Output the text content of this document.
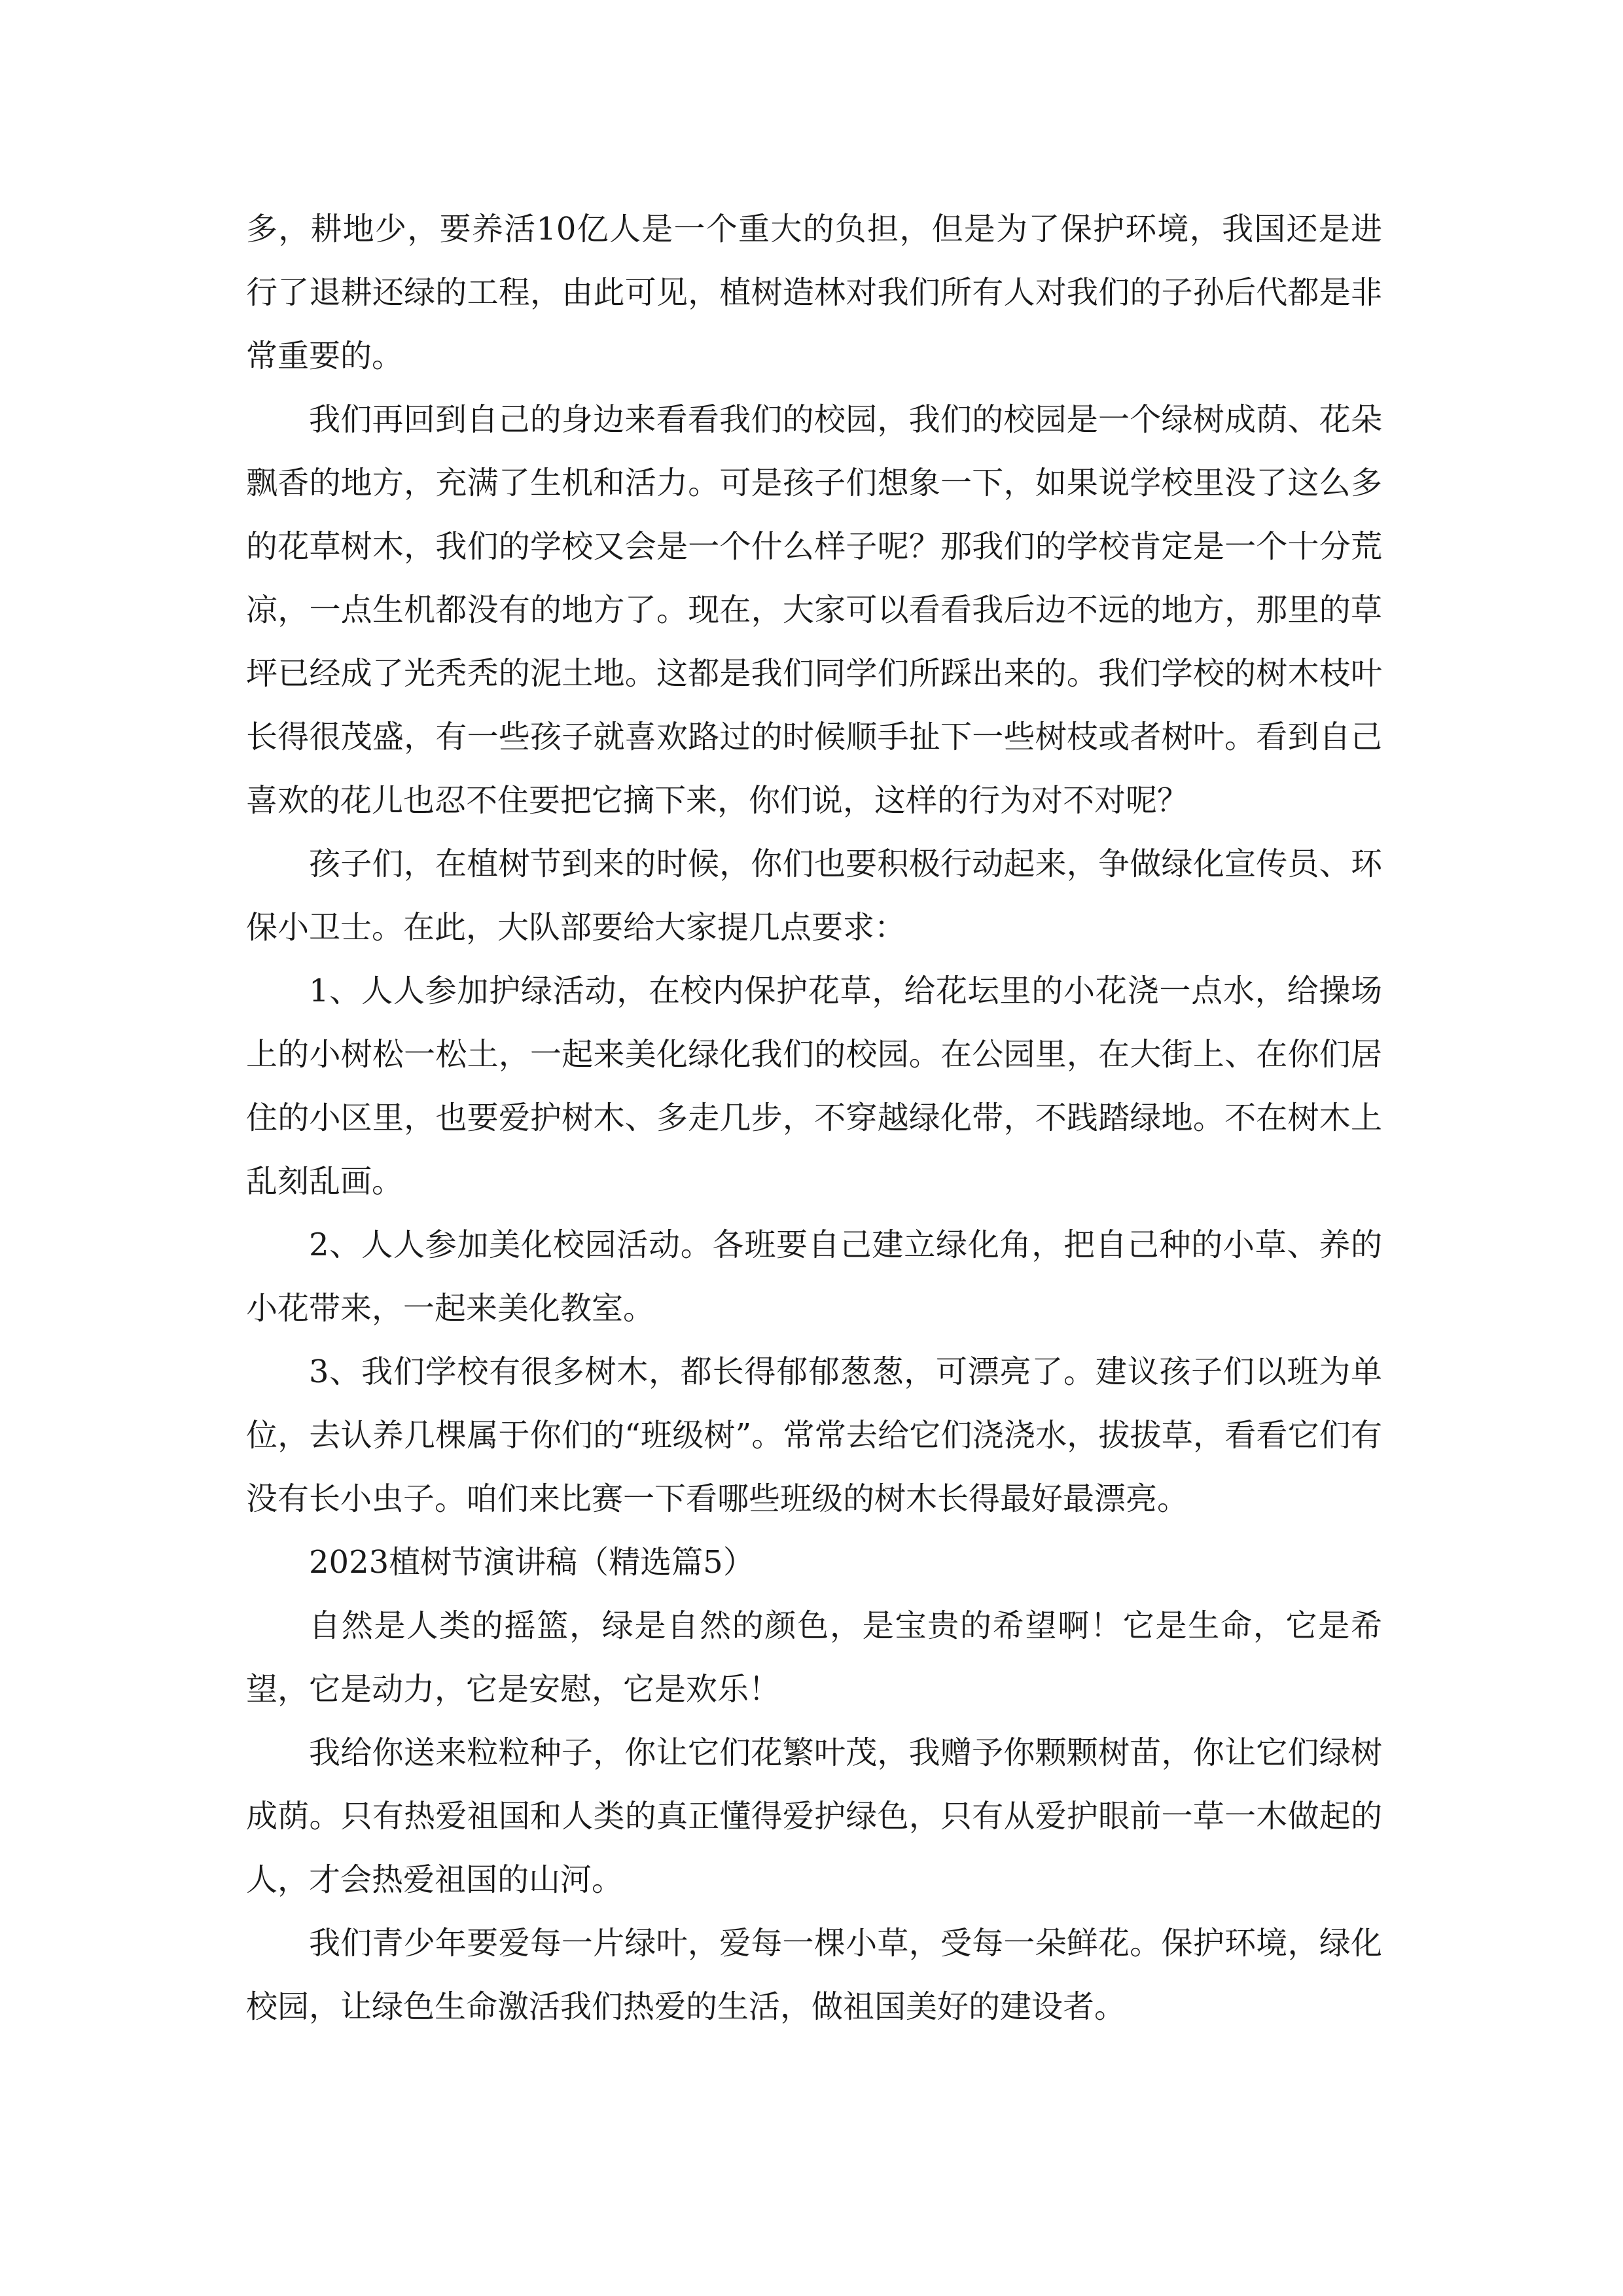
多，耕地少，要养活10亿人是一个重大的负担，但是为了保护环境，我国还是进行了退耕还绿的工程，由此可见，植树造林对我们所有人对我们的子孙后代都是非常重要的。

我们再回到自己的身边来看看我们的校园，我们的校园是一个绿树成荫、花朵飘香的地方，充满了生机和活力。可是孩子们想象一下，如果说学校里没了这么多的花草树木，我们的学校又会是一个什么样子呢？那我们的学校肯定是一个十分荒凉，一点生机都没有的地方了。现在，大家可以看看我后边不远的地方，那里的草坪已经成了光秃秃的泥土地。这都是我们同学们所踩出来的。我们学校的树木枝叶长得很茂盛，有一些孩子就喜欢路过的时候顺手扯下一些树枝或者树叶。看到自己喜欢的花儿也忍不住要把它摘下来，你们说，这样的行为对不对呢？

孩子们，在植树节到来的时候，你们也要积极行动起来，争做绿化宣传员、环保小卫士。在此，大队部要给大家提几点要求：

1、人人参加护绿活动，在校内保护花草，给花坛里的小花浇一点水，给操场上的小树松一松土，一起来美化绿化我们的校园。在公园里，在大街上、在你们居住的小区里，也要爱护树木、多走几步，不穿越绿化带，不践踏绿地。不在树木上乱刻乱画。

2、人人参加美化校园活动。各班要自己建立绿化角，把自己种的小草、养的小花带来，一起来美化教室。

3、我们学校有很多树木，都长得郁郁葱葱，可漂亮了。建议孩子们以班为单位，去认养几棵属于你们的“班级树”。常常去给它们浇浇水，拔拔草，看看它们有没有长小虫子。咱们来比赛一下看哪些班级的树木长得最好最漂亮。

2023植树节演讲稿（精选篇5）

自然是人类的摇篮，绿是自然的颜色，是宝贵的希望啊！它是生命，它是希望，它是动力，它是安慰，它是欢乐！

我给你送来粒粒种子，你让它们花繁叶茂，我赠予你颗颗树苗，你让它们绿树成荫。只有热爱祖国和人类的真正懂得爱护绿色，只有从爱护眼前一草一木做起的人，才会热爱祖国的山河。

我们青少年要爱每一片绿叶，爱每一棵小草，受每一朵鲜花。保护环境，绿化校园，让绿色生命激活我们热爱的生活，做祖国美好的建设者。
